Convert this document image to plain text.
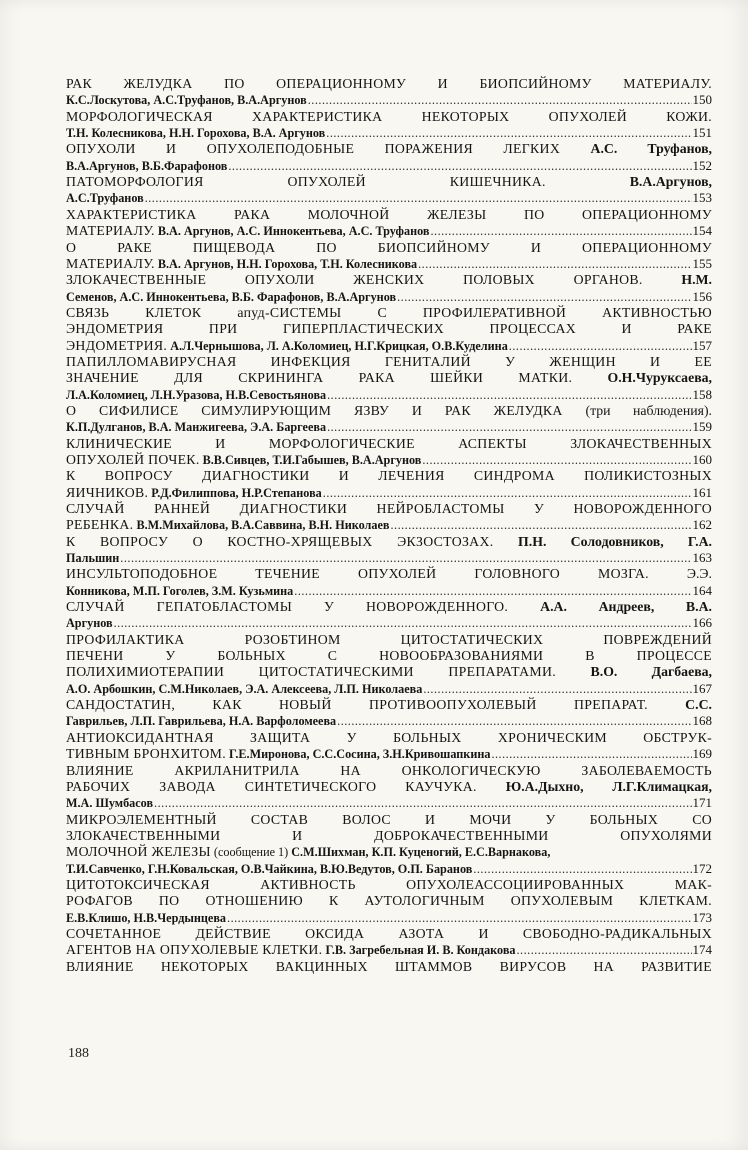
РАК ЖЕЛУДКА ПО ОПЕРАЦИОННОМУ И БИОПСИЙНОМУ МАТЕРИАЛУ.
К.С.Лоскутова, А.С.Труфанов, В.А.Аргунов .....	150
МОРФОЛОГИЧЕСКАЯ ХАРАКТЕРИСТИКА НЕКОТОРЫХ ОПУХОЛЕЙ КОЖИ.
Т.Н. Колесникова, Н.Н. Горохова, В.А. Аргунов .....	151
ОПУХОЛИ И ОПУХОЛЕПОДОБНЫЕ ПОРАЖЕНИЯ ЛЕГКИХ А.С. Труфанов,
В.А.Аргунов, В.Б.Фарафонов .....	152
ПАТОМОРФОЛОГИЯ ОПУХОЛЕЙ КИШЕЧНИКА.	В.А.Аргунов,
А.С.Труфанов .....	153
ХАРАКТЕРИСТИКА РАКА МОЛОЧНОЙ ЖЕЛЕЗЫ ПО ОПЕРАЦИОННОМУ
МАТЕРИАЛУ. В.А. Аргунов, А.С. Иннокентьева, А.С. Труфанов .....	154
О РАКЕ ПИЩЕВОДА ПО БИОПСИЙНОМУ И ОПЕРАЦИОННОМУ
МАТЕРИАЛУ. В.А. Аргунов, Н.Н. Горохова, Т.Н. Колесникова .....	155
ЗЛОКАЧЕСТВЕННЫЕ ОПУХОЛИ ЖЕНСКИХ ПОЛОВЫХ ОРГАНОВ.	Н.М.
Семенов, А.С. Иннокентьева, В.Б. Фарафонов, В.А.Аргунов .....	156
СВЯЗЬ КЛЕТОК апуд-СИСТЕМЫ С ПРОФИЛЕРАТИВНОЙ АКТИВНОСТЬЮ
ЭНДОМЕТРИЯ ПРИ ГИПЕРПЛАСТИЧЕСКИХ ПРОЦЕССАХ И РАКЕ
ЭНДОМЕТРИЯ. А.Л.Чернышова, Л. А.Коломиец, Н.Г.Крицкая, О.В.Куделина .....	157
ПАПИЛЛОМАВИРУСНАЯ ИНФЕКЦИЯ ГЕНИТАЛИЙ У ЖЕНЩИН И ЕЕ
ЗНАЧЕНИЕ ДЛЯ СКРИНИНГА РАКА ШЕЙКИ МАТКИ.	О.Н.Чуруксаева,
Л.А.Коломиец, Л.Н.Уразова, Н.В.Севостьянова .....	158
О СИФИЛИСЕ СИМУЛИРУЮЩИМ ЯЗВУ И РАК ЖЕЛУДКА (три наблюдения).
К.П.Дулганов, В.А. Манжигеева, Э.А. Баргеева .....	159
КЛИНИЧЕСКИЕ И МОРФОЛОГИЧЕСКИЕ АСПЕКТЫ ЗЛОКАЧЕСТВЕННЫХ
ОПУХОЛЕЙ ПОЧЕК. В.В.Сивцев, Т.И.Габышев, В.А.Аргунов .....	160
К ВОПРОСУ ДИАГНОСТИКИ И ЛЕЧЕНИЯ СИНДРОМА ПОЛИКИСТОЗНЫХ
ЯИЧНИКОВ. Р.Д.Филиппова, Н.Р.Степанова .....	161
СЛУЧАЙ РАННЕЙ ДИАГНОСТИКИ НЕЙРОБЛАСТОМЫ У НОВОРОЖДЕННОГО
РЕБЕНКА. В.М.Михайлова, В.А.Саввина, В.Н. Николаев .....	162
К ВОПРОСУ О КОСТНО-ХРЯЩЕВЫХ ЭКЗОСТОЗАХ. П.Н. Солодовников, Г.А.
Пальшин .....	163
ИНСУЛЬТОПОДОБНОЕ ТЕЧЕНИЕ ОПУХОЛЕЙ ГОЛОВНОГО МОЗГА.	Э.Э.
Конникова, М.П. Гоголев, З.М. Кузьмина .....	164
СЛУЧАЙ ГЕПАТОБЛАСТОМЫ У НОВОРОЖДЕННОГО. А.А. Андреев, В.А.
Аргунов .....	166
ПРОФИЛАКТИКА РОЗОБТИНОМ ЦИТОСТАТИЧЕСКИХ ПОВРЕЖДЕНИЙ
ПЕЧЕНИ У БОЛЬНЫХ С НОВООБРАЗОВАНИЯМИ В ПРОЦЕССЕ
ПОЛИХИМИОТЕРАПИИ ЦИТОСТАТИЧЕСКИМИ ПРЕПАРАТАМИ.	В.О. Дагбаева,
А.О. Арбошкин, С.М.Николаев, Э.А. Алексеева, Л.П. Николаева .....	167
САНДОСТАТИН, КАК НОВЫЙ ПРОТИВООПУХОЛЕВЫЙ ПРЕПАРАТ.	С.С.
Гаврильев, Л.П. Гаврильева, Н.А. Варфоломеева .....	168
АНТИОКСИДАНТНАЯ ЗАЩИТА У БОЛЬНЫХ ХРОНИЧЕСКИМ ОБСТРУК-
ТИВНЫМ БРОНХИТОМ. Г.Е.Миронова, С.С.Сосина, З.Н.Кривошапкина .....	169
ВЛИЯНИЕ АКРИЛАНИТРИЛА НА ОНКОЛОГИЧЕСКУЮ ЗАБОЛЕВАЕМОСТЬ
РАБОЧИХ ЗАВОДА СИНТЕТИЧЕСКОГО КАУЧУКА. Ю.А.Дыхно, Л.Г.Климацкая,
М.А. Шумбасов .....	171
МИКРОЭЛЕМЕНТНЫЙ СОСТАВ ВОЛОС И МОЧИ У БОЛЬНЫХ СО
ЗЛОКАЧЕСТВЕННЫМИ И ДОБРОКАЧЕСТВЕННЫМИ ОПУХОЛЯМИ
МОЛОЧНОЙ ЖЕЛЕЗЫ (сообщение 1) С.М.Шихман, К.П. Куценогий, Е.С.Варнакова,
Т.И.Савченко, Г.Н.Ковальская, О.В.Чайкина, В.Ю.Ведутов, О.П. Баранов .....	172
ЦИТОТОКСИЧЕСКАЯ АКТИВНОСТЬ ОПУХОЛЕАССОЦИИРОВАННЫХ МАК-
РОФАГОВ ПО ОТНОШЕНИЮ К АУТОЛОГИЧНЫМ ОПУХОЛЕВЫМ КЛЕТКАМ.
Е.В.Клишо, Н.В.Чердынцева .....	173
СОЧЕТАННОЕ ДЕЙСТВИЕ ОКСИДА АЗОТА И СВОБОДНО-РАДИКАЛЬНЫХ
АГЕНТОВ НА ОПУХОЛЕВЫЕ КЛЕТКИ. Г.В. Загребельная И. В. Кондакова .....	174
ВЛИЯНИЕ НЕКОТОРЫХ ВАКЦИННЫХ ШТАММОВ ВИРУСОВ НА РАЗВИТИЕ
188
